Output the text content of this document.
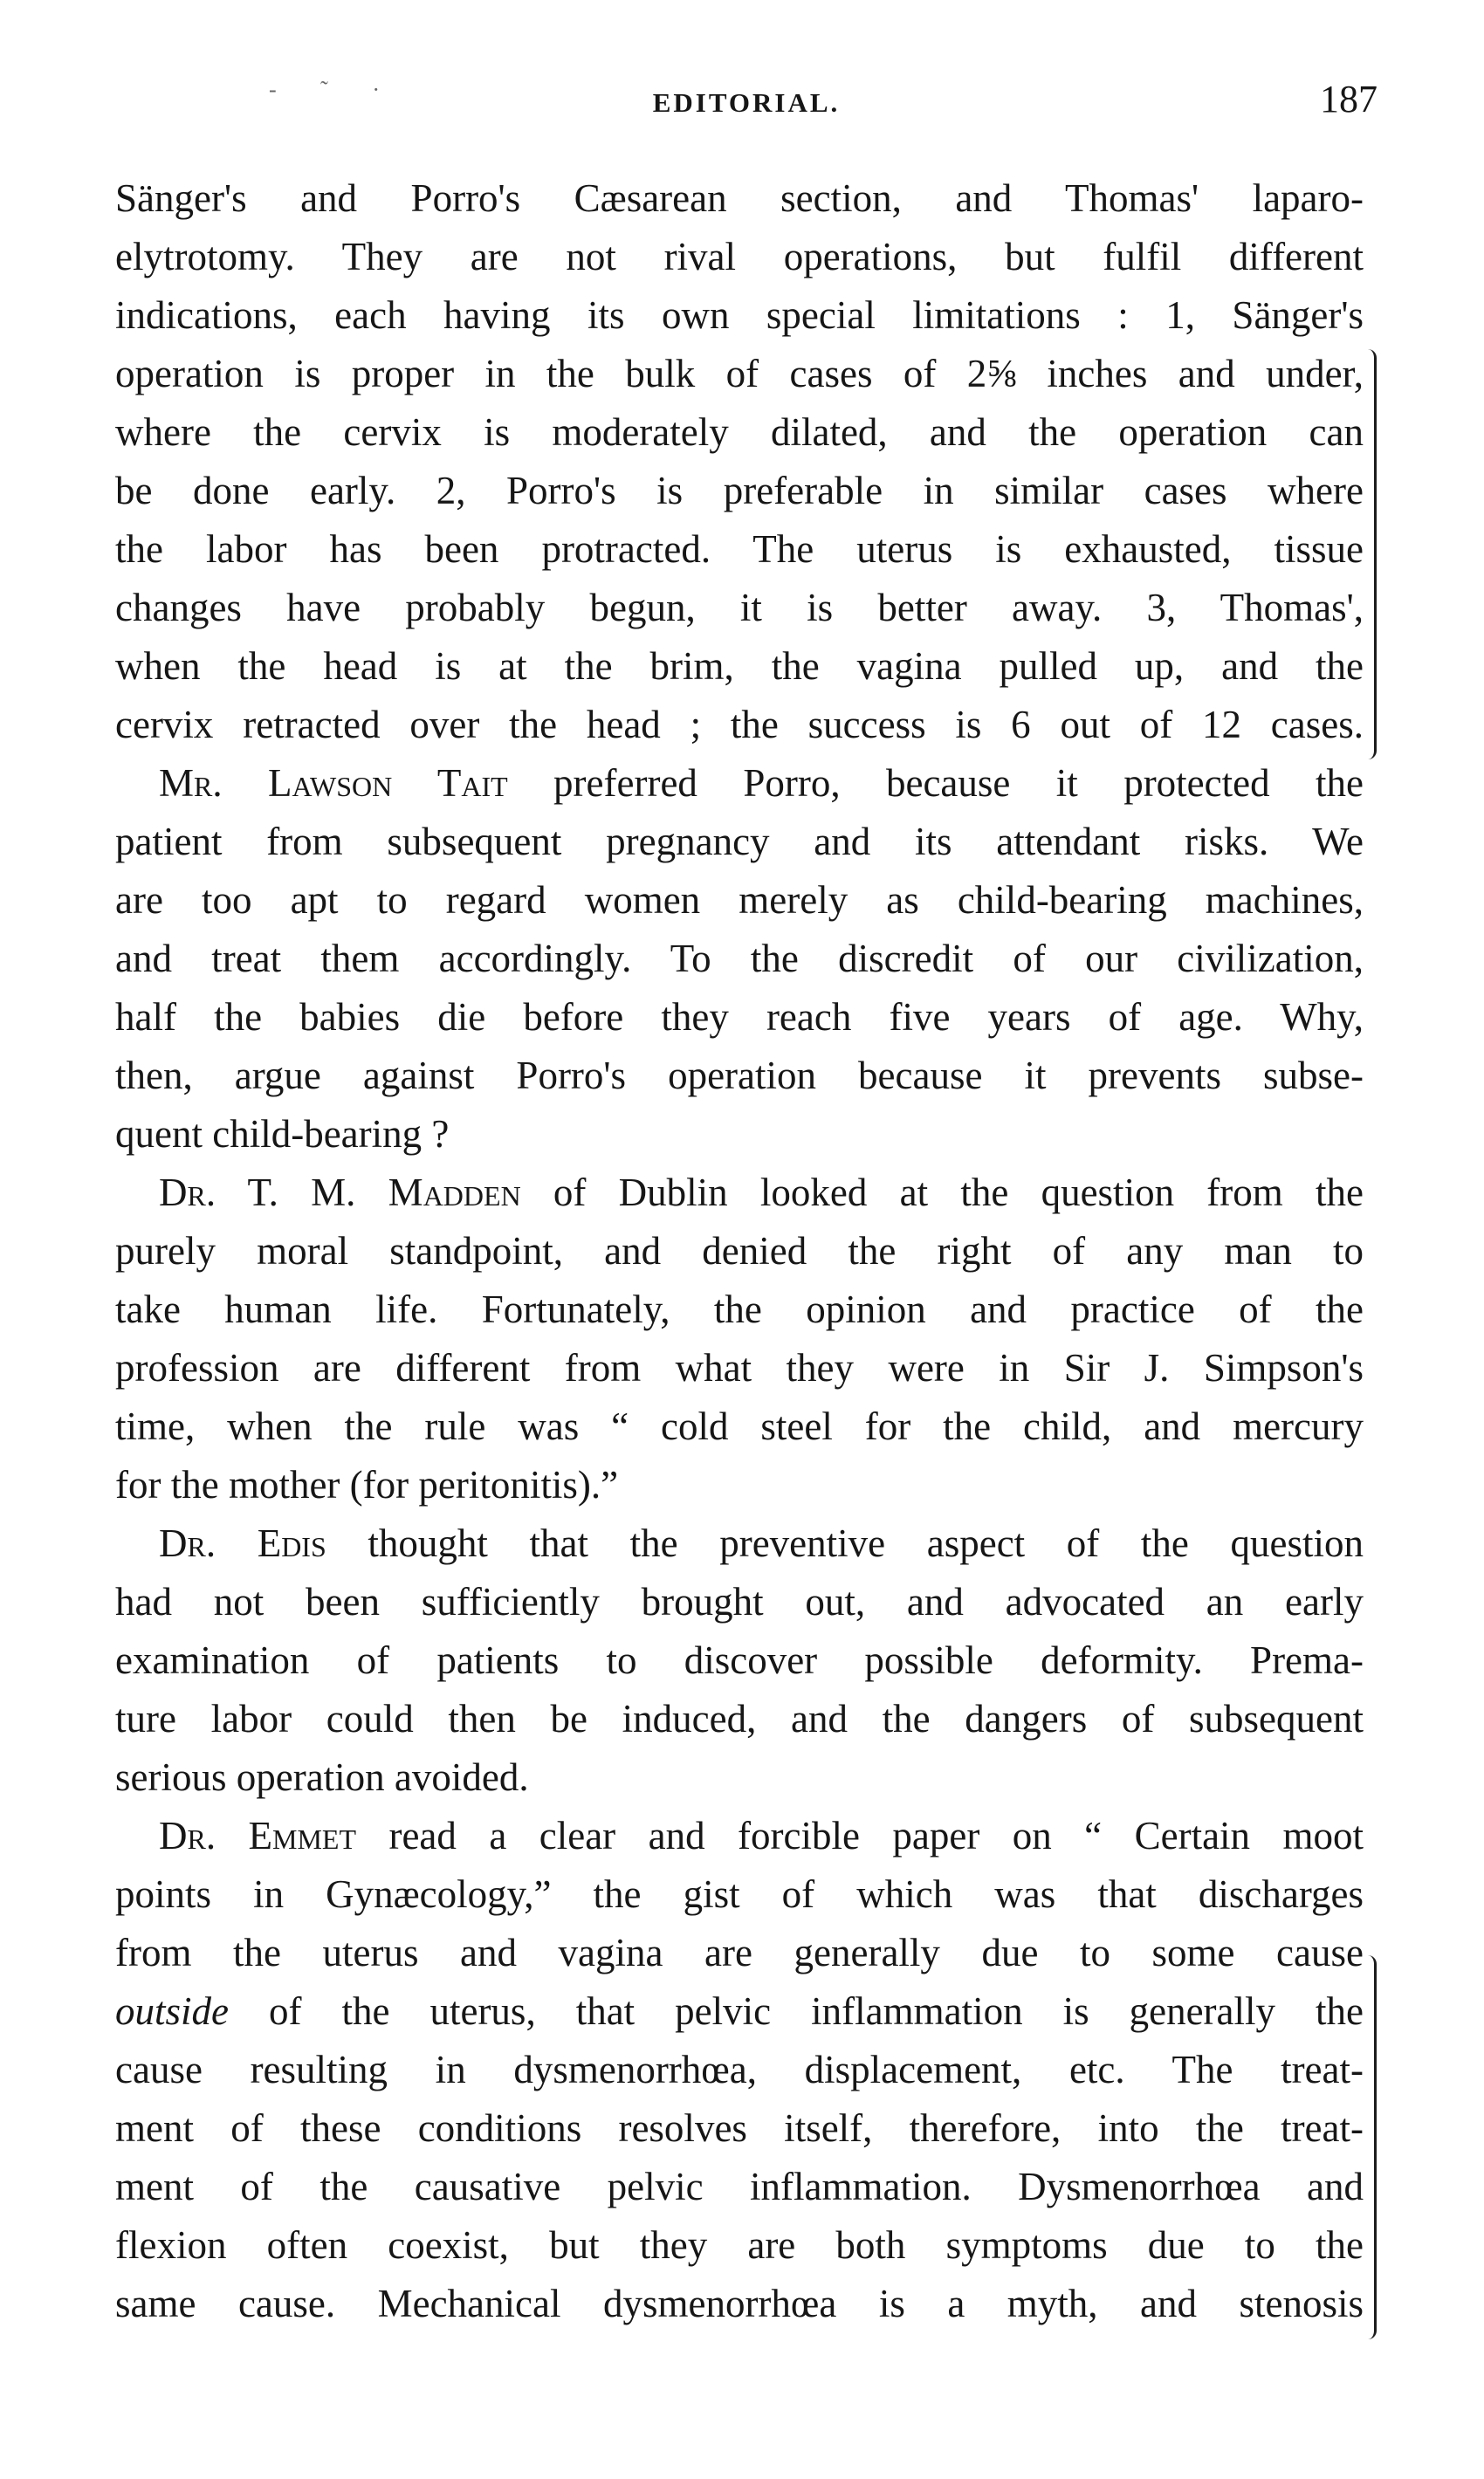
- ˜ ·	EDITORIAL.	187

Sänger's and Porro's Cæsarean section, and Thomas' laparo-

elytrotomy. They are not rival operations, but fulfil different

indications, each having its own special limitations : 1, Sänger's

operation is proper in the bulk of cases of 2⅝ inches and under,

where the cervix is moderately dilated, and the operation can

be done early. 2, Porro's is preferable in similar cases where

the labor has been protracted. The uterus is exhausted, tissue

changes have probably begun, it is better away. 3, Thomas',

when the head is at the brim, the vagina pulled up, and the

cervix retracted over the head ; the success is 6 out of 12 cases.

Mr. Lawson Tait preferred Porro, because it protected the

patient from subsequent pregnancy and its attendant risks. We

are too apt to regard women merely as child-bearing machines,

and treat them accordingly. To the discredit of our civilization,

half the babies die before they reach five years of age. Why,

then, argue against Porro's operation because it prevents subse-

quent child-bearing ?

Dr. T. M. Madden of Dublin looked at the question from the

purely moral standpoint, and denied the right of any man to

take human life. Fortunately, the opinion and practice of the

profession are different from what they were in Sir J. Simpson's

time, when the rule was “ cold steel for the child, and mercury

for the mother (for peritonitis).”

Dr. Edis thought that the preventive aspect of the question

had not been sufficiently brought out, and advocated an early

examination of patients to discover possible deformity. Prema-

ture labor could then be induced, and the dangers of subsequent

serious operation avoided.

Dr. Emmet read a clear and forcible paper on “ Certain moot

points in Gynæcology,” the gist of which was that discharges

from the uterus and vagina are generally due to some cause

outside of the uterus, that pelvic inflammation is generally the

cause resulting in dysmenorrhœa, displacement, etc. The treat-

ment of these conditions resolves itself, therefore, into the treat-

ment of the causative pelvic inflammation. Dysmenorrhœa and

flexion often coexist, but they are both symptoms due to the

same cause. Mechanical dysmenorrhœa is a myth, and stenosis
